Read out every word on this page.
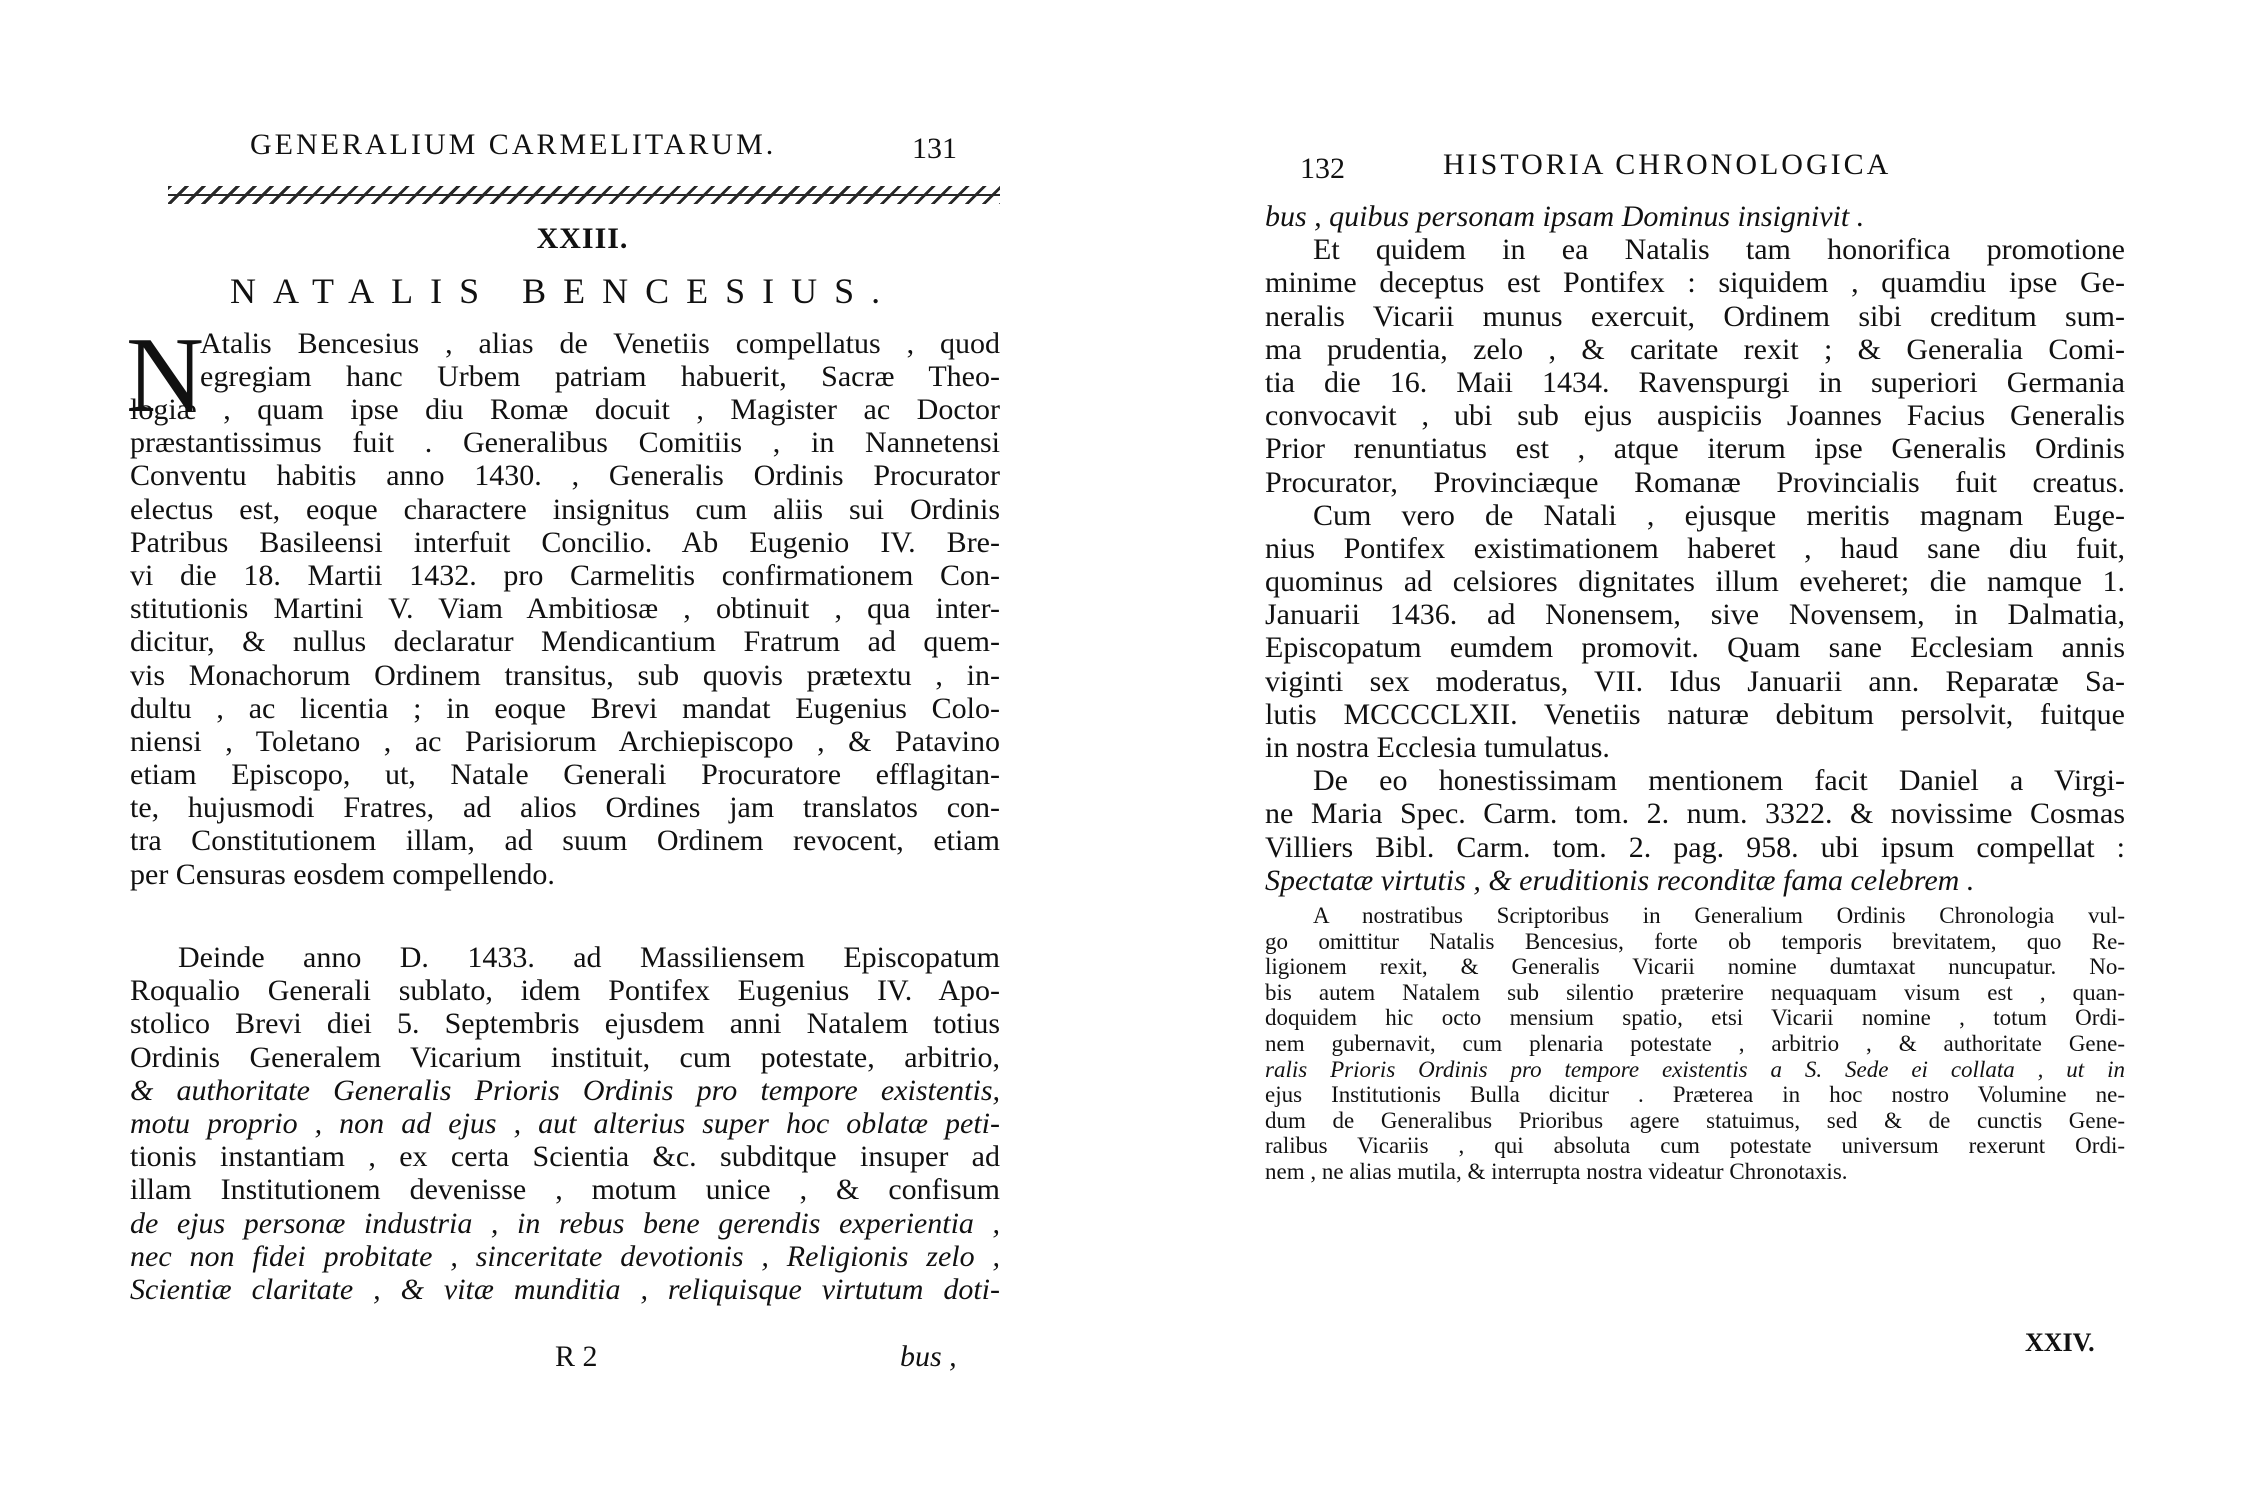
GENERALIUM CARMELITARUM.	131
XXIII.
NATALIS BENCESIUS.
N
Atalis Bencesius , alias de Venetiis compellatus , quod
egregiam hanc Urbem patriam habuerit, Sacræ Theo-
logiæ , quam ipse diu Romæ docuit , Magister ac Doctor
præstantissimus fuit . Generalibus Comitiis , in Nannetensi
Conventu habitis anno 1430. , Generalis Ordinis Procurator
electus est, eoque charactere insignitus cum aliis sui Ordinis
Patribus Basileensi interfuit Concilio. Ab Eugenio IV. Bre-
vi die 18. Martii 1432. pro Carmelitis confirmationem Con-
stitutionis Martini V. Viam Ambitiosæ , obtinuit , qua inter-
dicitur, & nullus declaratur Mendicantium Fratrum ad quem-
vis Monachorum Ordinem transitus, sub quovis prætextu , in-
dultu , ac licentia ; in eoque Brevi mandat Eugenius Colo-
niensi , Toletano , ac Parisiorum Archiepiscopo , & Patavino
etiam Episcopo, ut, Natale Generali Procuratore efflagitan-
te, hujusmodi Fratres, ad alios Ordines jam translatos con-
tra Constitutionem illam, ad suum Ordinem revocent, etiam
per Censuras eosdem compellendo.
Deinde anno D. 1433. ad Massiliensem Episcopatum
Roqualio Generali sublato, idem Pontifex Eugenius IV. Apo-
stolico Brevi diei 5. Septembris ejusdem anni Natalem totius
Ordinis Generalem Vicarium instituit, cum potestate, arbitrio,
& authoritate Generalis Prioris Ordinis pro tempore existentis,
motu proprio , non ad ejus , aut alterius super hoc oblatæ peti-
tionis instantiam , ex certa Scientia &c. subditque insuper ad
illam Institutionem devenisse , motum unice , & confisum
de ejus personæ industria , in rebus bene gerendis experientia ,
nec non fidei probitate , sinceritate devotionis , Religionis zelo ,
Scientiæ claritate , & vitæ munditia , reliquisque virtutum doti-
R 2	bus ,
132	HISTORIA CHRONOLOGICA
bus , quibus personam ipsam Dominus insignivit .
Et quidem in ea Natalis tam honorifica promotione
minime deceptus est Pontifex : siquidem , quamdiu ipse Ge-
neralis Vicarii munus exercuit, Ordinem sibi creditum sum-
ma prudentia, zelo , & caritate rexit ; & Generalia Comi-
tia die 16. Maii 1434. Ravenspurgi in superiori Germania
convocavit , ubi sub ejus auspiciis Joannes Facius Generalis
Prior renuntiatus est , atque iterum ipse Generalis Ordinis
Procurator, Provinciæque Romanæ Provincialis fuit creatus.
Cum vero de Natali , ejusque meritis magnam Euge-
nius Pontifex existimationem haberet , haud sane diu fuit,
quominus ad celsiores dignitates illum eveheret; die namque 1.
Januarii 1436. ad Nonensem, sive Novensem, in Dalmatia,
Episcopatum eumdem promovit. Quam sane Ecclesiam annis
viginti sex moderatus, VII. Idus Januarii ann. Reparatæ Sa-
lutis MCCCCLXII. Venetiis naturæ debitum persolvit, fuitque
in nostra Ecclesia tumulatus.
De eo honestissimam mentionem facit Daniel a Virgi-
ne Maria Spec. Carm. tom. 2. num. 3322. & novissime Cosmas
Villiers Bibl. Carm. tom. 2. pag. 958. ubi ipsum compellat :
Spectatæ virtutis , & eruditionis reconditæ fama celebrem .
A nostratibus Scriptoribus in Generalium Ordinis Chronologia vul-
go omittitur Natalis Bencesius, forte ob temporis brevitatem, quo Re-
ligionem rexit, & Generalis Vicarii nomine dumtaxat nuncupatur. No-
bis autem Natalem sub silentio præterire nequaquam visum est , quan-
doquidem hic octo mensium spatio, etsi Vicarii nomine , totum Ordi-
nem gubernavit, cum plenaria potestate , arbitrio , & authoritate Gene-
ralis Prioris Ordinis pro tempore existentis a S. Sede ei collata , ut in
ejus Institutionis Bulla dicitur . Præterea in hoc nostro Volumine ne-
dum de Generalibus Prioribus agere statuimus, sed & de cunctis Gene-
ralibus Vicariis , qui absoluta cum potestate universum rexerunt Ordi-
nem , ne alias mutila, & interrupta nostra videatur Chronotaxis.
XXIV.
